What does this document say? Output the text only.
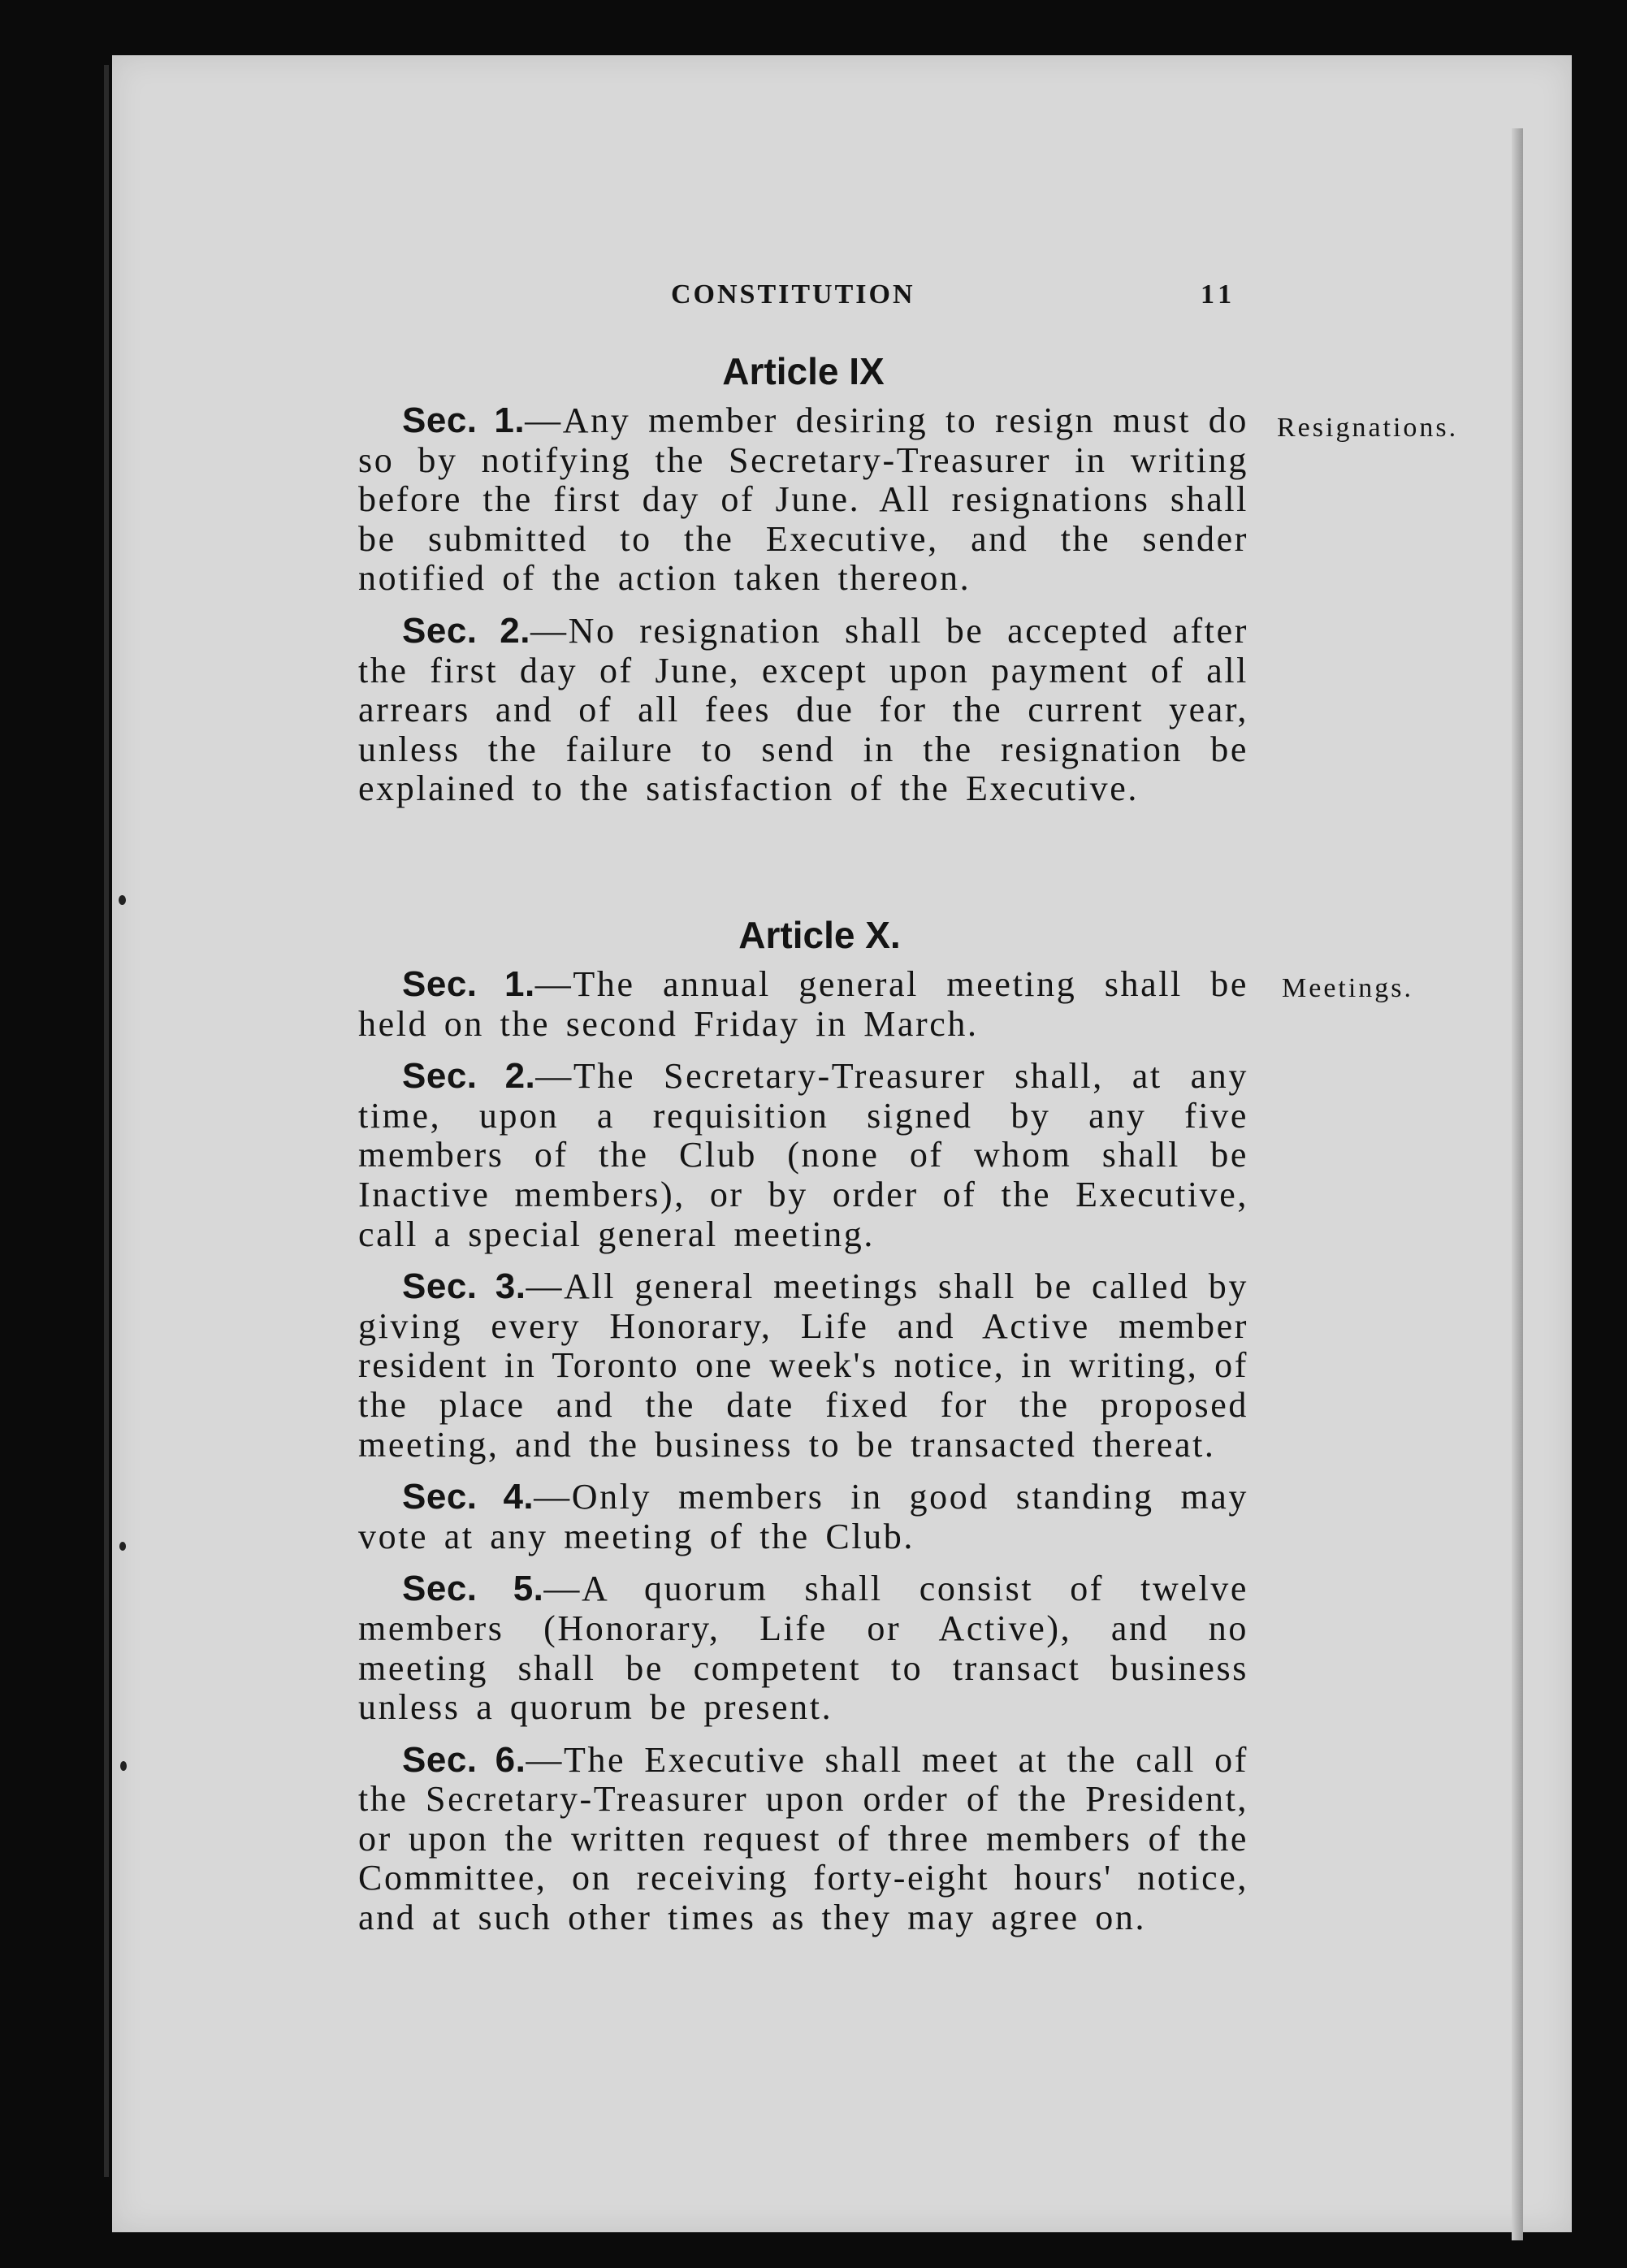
CONSTITUTION	11
Resignations.
Article IX

Sec. 1.—Any member desiring to resign must do so by notifying the Secretary-Treasurer in writing before the first day of June. All resignations shall be submitted to the Executive, and the sender notified of the action taken thereon.

Sec. 2.—No resignation shall be accepted after the first day of June, except upon payment of all arrears and of all fees due for the current year, unless the failure to send in the resignation be explained to the satisfaction of the Executive.

Meetings.
Article X.

Sec. 1.—The annual general meeting shall be held on the second Friday in March.

Sec. 2.—The Secretary-Treasurer shall, at any time, upon a requisition signed by any five members of the Club (none of whom shall be Inactive members), or by order of the Executive, call a special general meeting.

Sec. 3.—All general meetings shall be called by giving every Honorary, Life and Active member resident in Toronto one week's notice, in writing, of the place and the date fixed for the proposed meeting, and the business to be transacted thereat.

Sec. 4.—Only members in good standing may vote at any meeting of the Club.

Sec. 5.—A quorum shall consist of twelve members (Honorary, Life or Active), and no meeting shall be competent to transact business unless a quorum be present.

Sec. 6.—The Executive shall meet at the call of the Secretary-Treasurer upon order of the President, or upon the written request of three members of the Committee, on receiving forty-eight hours' notice, and at such other times as they may agree on.
